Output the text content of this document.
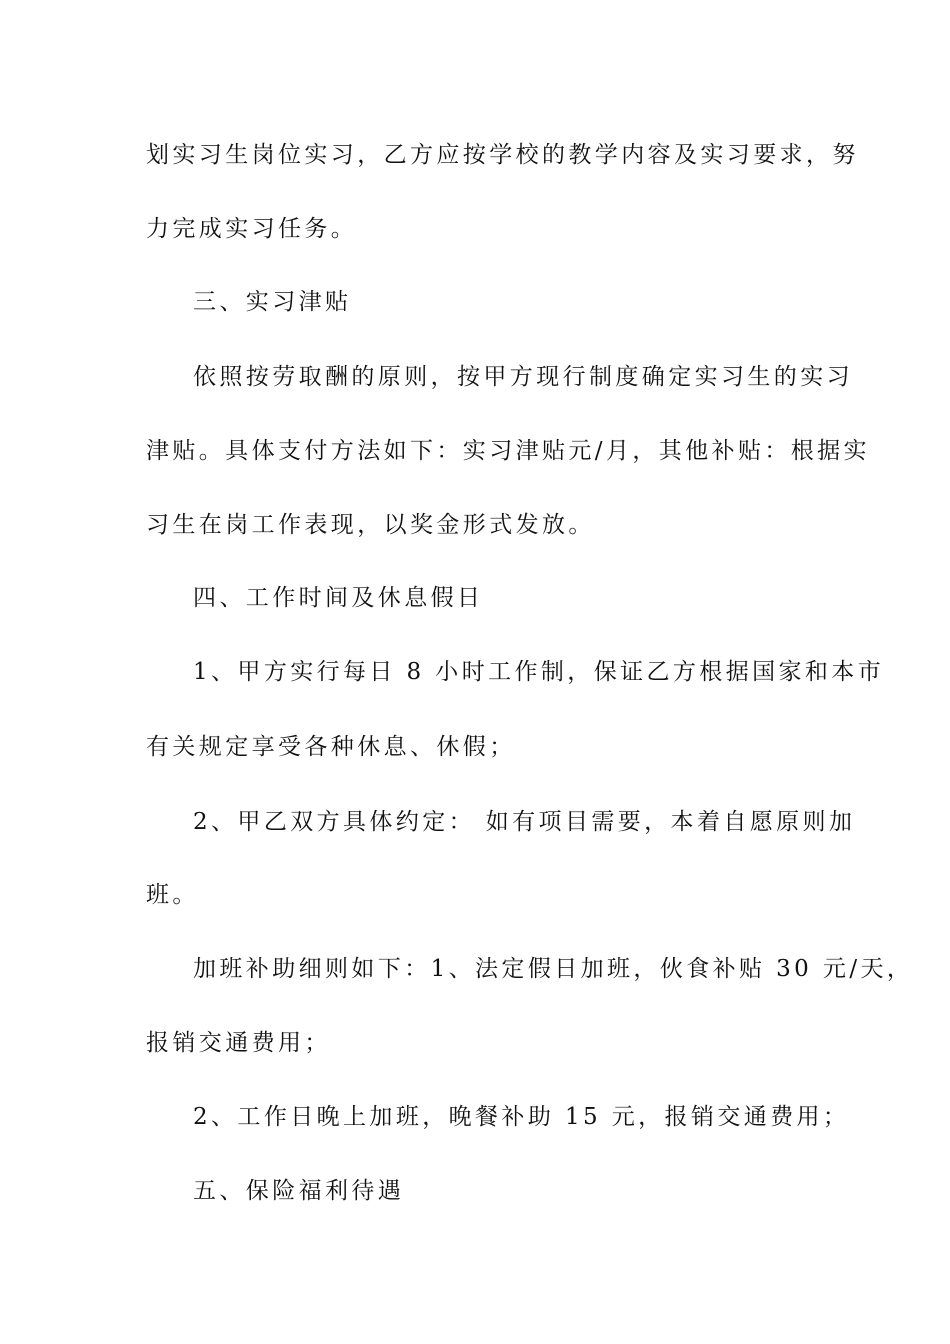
划实习生岗位实习，乙方应按学校的教学内容及实习要求，努
力完成实习任务。
三、实习津贴
依照按劳取酬的原则，按甲方现行制度确定实习生的实习
津贴。具体支付方法如下：实习津贴元/月，其他补贴：根据实
习生在岗工作表现，以奖金形式发放。
四、工作时间及休息假日
1、甲方实行每日 8 小时工作制，保证乙方根据国家和本市
有关规定享受各种休息、休假；
2、甲乙双方具体约定： 如有项目需要，本着自愿原则加
班。
加班补助细则如下：1、法定假日加班，伙食补贴 30 元/天，
报销交通费用；
2、工作日晚上加班，晚餐补助 15 元，报销交通费用；
五、保险福利待遇
